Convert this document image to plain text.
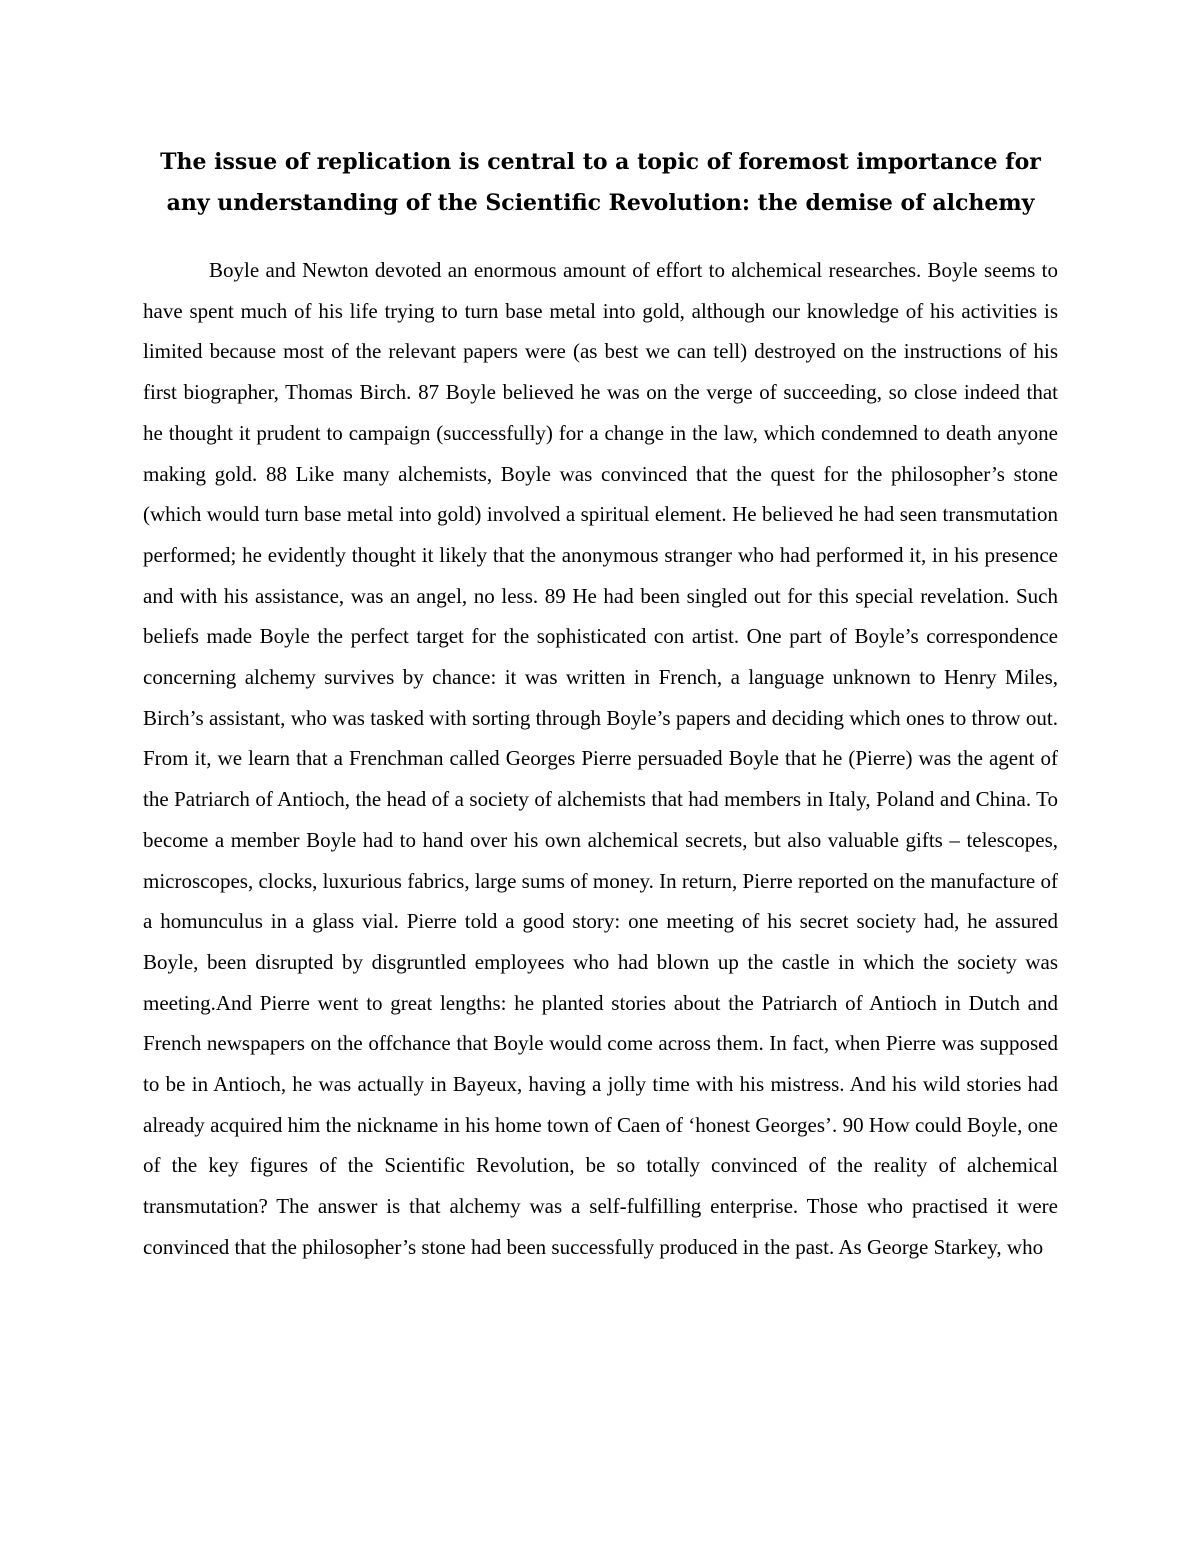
The issue of replication is central to a topic of foremost importance for any understanding of the Scientific Revolution: the demise of alchemy

Boyle and Newton devoted an enormous amount of effort to alchemical researches. Boyle seems to have spent much of his life trying to turn base metal into gold, although our knowledge of his activities is limited because most of the relevant papers were (as best we can tell) destroyed on the instructions of his first biographer, Thomas Birch. 87 Boyle believed he was on the verge of succeeding, so close indeed that he thought it prudent to campaign (successfully) for a change in the law, which condemned to death anyone making gold. 88 Like many alchemists, Boyle was convinced that the quest for the philosopher’s stone (which would turn base metal into gold) involved a spiritual element. He believed he had seen transmutation performed; he evidently thought it likely that the anonymous stranger who had performed it, in his presence and with his assistance, was an angel, no less. 89 He had been singled out for this special revelation. Such beliefs made Boyle the perfect target for the sophisticated con artist. One part of Boyle’s correspondence concerning alchemy survives by chance: it was written in French, a language unknown to Henry Miles, Birch’s assistant, who was tasked with sorting through Boyle’s papers and deciding which ones to throw out. From it, we learn that a Frenchman called Georges Pierre persuaded Boyle that he (Pierre) was the agent of the Patriarch of Antioch, the head of a society of alchemists that had members in Italy, Poland and China. To become a member Boyle had to hand over his own alchemical secrets, but also valuable gifts – telescopes, microscopes, clocks, luxurious fabrics, large sums of money. In return, Pierre reported on the manufacture of a homunculus in a glass vial. Pierre told a good story: one meeting of his secret society had, he assured Boyle, been disrupted by disgruntled employees who had blown up the castle in which the society was meeting.And Pierre went to great lengths: he planted stories about the Patriarch of Antioch in Dutch and French newspapers on the offchance that Boyle would come across them. In fact, when Pierre was supposed to be in Antioch, he was actually in Bayeux, having a jolly time with his mistress. And his wild stories had already acquired him the nickname in his home town of Caen of ‘honest Georges’. 90 How could Boyle, one of the key figures of the Scientific Revolution, be so totally convinced of the reality of alchemical transmutation? The answer is that alchemy was a self-fulfilling enterprise. Those who practised it were convinced that the philosopher’s stone had been successfully produced in the past. As George Starkey, who
